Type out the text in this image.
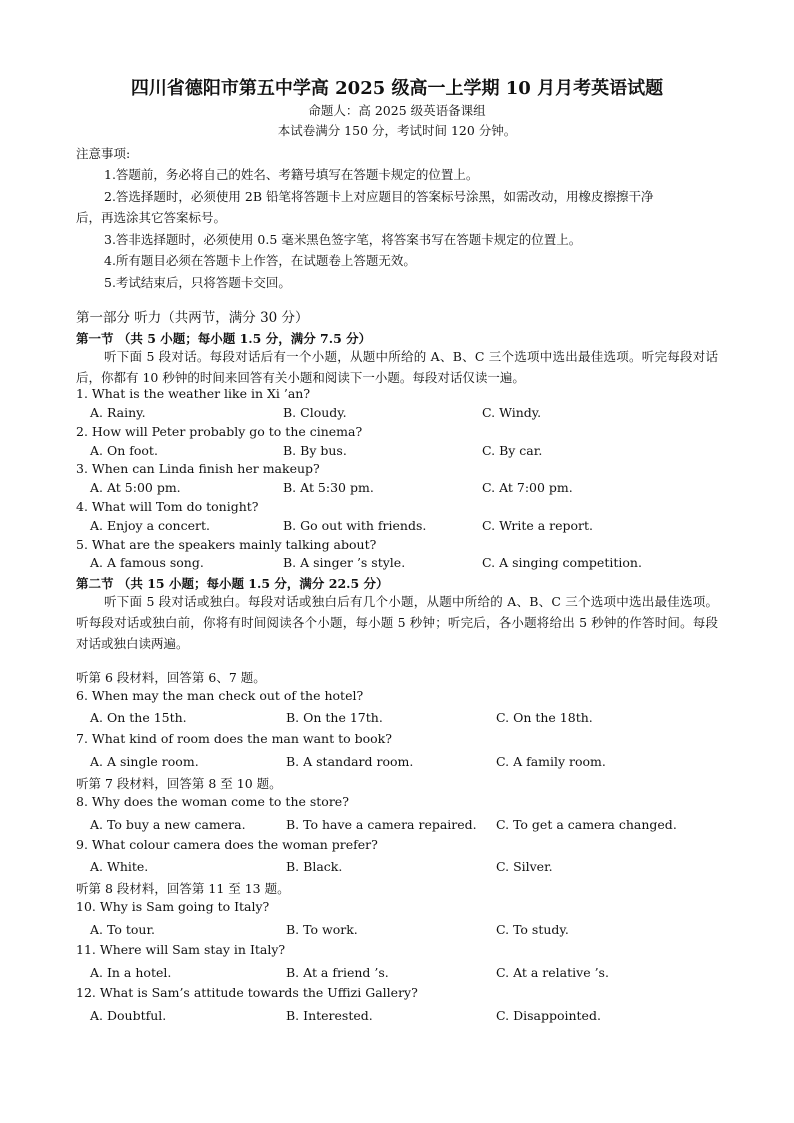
四川省德阳市第五中学高 2025 级高一上学期 10 月月考英语试题
命题人：高 2025 级英语备课组
本试卷满分 150 分，考试时间 120 分钟。
注意事项:
1.答题前，务必将自己的姓名、考籍号填写在答题卡规定的位置上。
2.答选择题时，必须使用 2B 铅笔将答题卡上对应题目的答案标号涂黑，如需改动，用橡皮擦擦干净
后，再选涂其它答案标号。
3.答非选择题时，必须使用 0.5 毫米黑色签字笔，将答案书写在答题卡规定的位置上。
4.所有题目必须在答题卡上作答，在试题卷上答题无效。
5.考试结束后，只将答题卡交回。
第一部分 听力（共两节，满分 30 分）
第一节 （共 5 小题；每小题 1.5 分，满分 7.5 分）
听下面 5 段对话。每段对话后有一个小题，从题中所给的 A、B、C 三个选项中选出最佳选项。听完每段对话后，你都有 10 秒钟的时间来回答有关小题和阅读下一小题。每段对话仅读一遍。
1. What is the weather like in Xi ’an?
A. Rainy.	B. Cloudy.	C. Windy.
2. How will Peter probably go to the cinema?
A. On foot.	B. By bus.	C. By car.
3. When can Linda finish her makeup?
A. At 5:00 pm.	B. At 5:30 pm.	C. At 7:00 pm.
4. What will Tom do tonight?
A. Enjoy a concert.	B. Go out with friends.	C. Write a report.
5. What are the speakers mainly talking about?
A. A famous song.	B. A singer ’s style.	C. A singing competition.
第二节 （共 15 小题；每小题 1.5 分，满分 22.5 分）
听下面 5 段对话或独白。每段对话或独白后有几个小题，从题中所给的 A、B、C 三个选项中选出最佳选项。听每段对话或独白前，你将有时间阅读各个小题，每小题 5 秒钟；听完后，各小题将给出 5 秒钟的作答时间。每段对话或独白读两遍。
听第 6 段材料，回答第 6、7 题。
6. When may the man check out of the hotel?
A. On the 15th.	B. On the 17th.	C. On the 18th.
7. What kind of room does the man want to book?
A. A single room.	B. A standard room.	C. A family room.
听第 7 段材料，回答第 8 至 10 题。
8. Why does the woman come to the store?
A. To buy a new camera.	B. To have a camera repaired. C. To get a camera changed.
9. What colour camera does the woman prefer?
A. White.	B. Black.	C. Silver.
听第 8 段材料，回答第 11 至 13 题。
10. Why is Sam going to Italy?
A. To tour.	B. To work.	C. To study.
11. Where will Sam stay in Italy?
A. In a hotel.	B. At a friend ’s.	C. At a relative ’s.
12. What is Sam’s attitude towards the Uffizi Gallery?
A. Doubtful.	B. Interested.	C. Disappointed.
